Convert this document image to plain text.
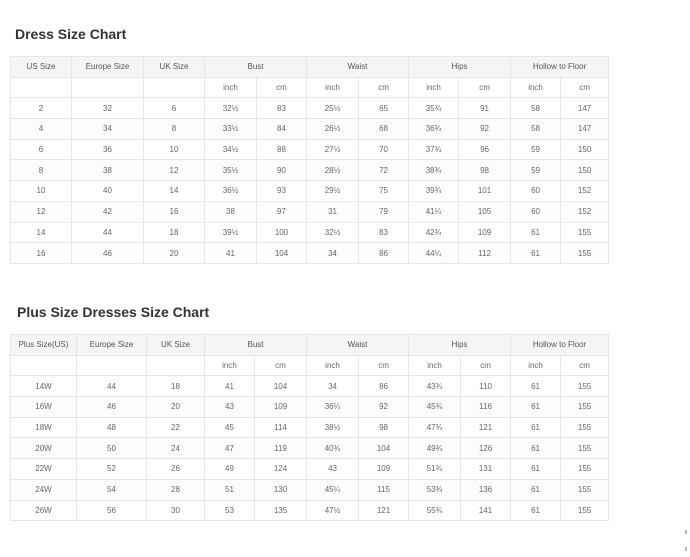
Dress Size Chart
US Size	Europe Size	UK Size	Bust		Waist		Hips		Hollow to Floor	
			inch	cm	inch	cm	inch	cm	inch	cm
2	32	6	32½	83	25½	65	35¾	91	58	147
4	34	8	33½	84	26½	68	36¾	92	58	147
6	36	10	34½	88	27½	70	37¾	96	59	150
8	38	12	35½	90	28½	72	38¾	98	59	150
10	40	14	36½	93	29½	75	39¾	101	60	152
12	42	16	38	97	31	79	41¼	105	60	152
14	44	18	39½	100	32½	83	42¾	109	61	155
16	46	20	41	104	34	86	44¼	112	61	155
Plus Size Dresses Size Chart
Plus Size(US)	Europe Size	UK Size	Bust		Waist		Hips		Hollow to Floor	
			inch	cm	inch	cm	inch	cm	inch	cm
14W	44	18	41	104	34	86	43¾	110	61	155
16W	46	20	43	109	36¼	92	45¾	116	61	155
18W	48	22	45	114	38½	98	47¾	121	61	155
20W	50	24	47	119	40¾	104	49¾	126	61	155
22W	52	26	49	124	43	109	51¾	131	61	155
24W	54	28	51	130	45¼	115	53¾	136	61	155
26W	56	30	53	135	47½	121	55¾	141	61	155
